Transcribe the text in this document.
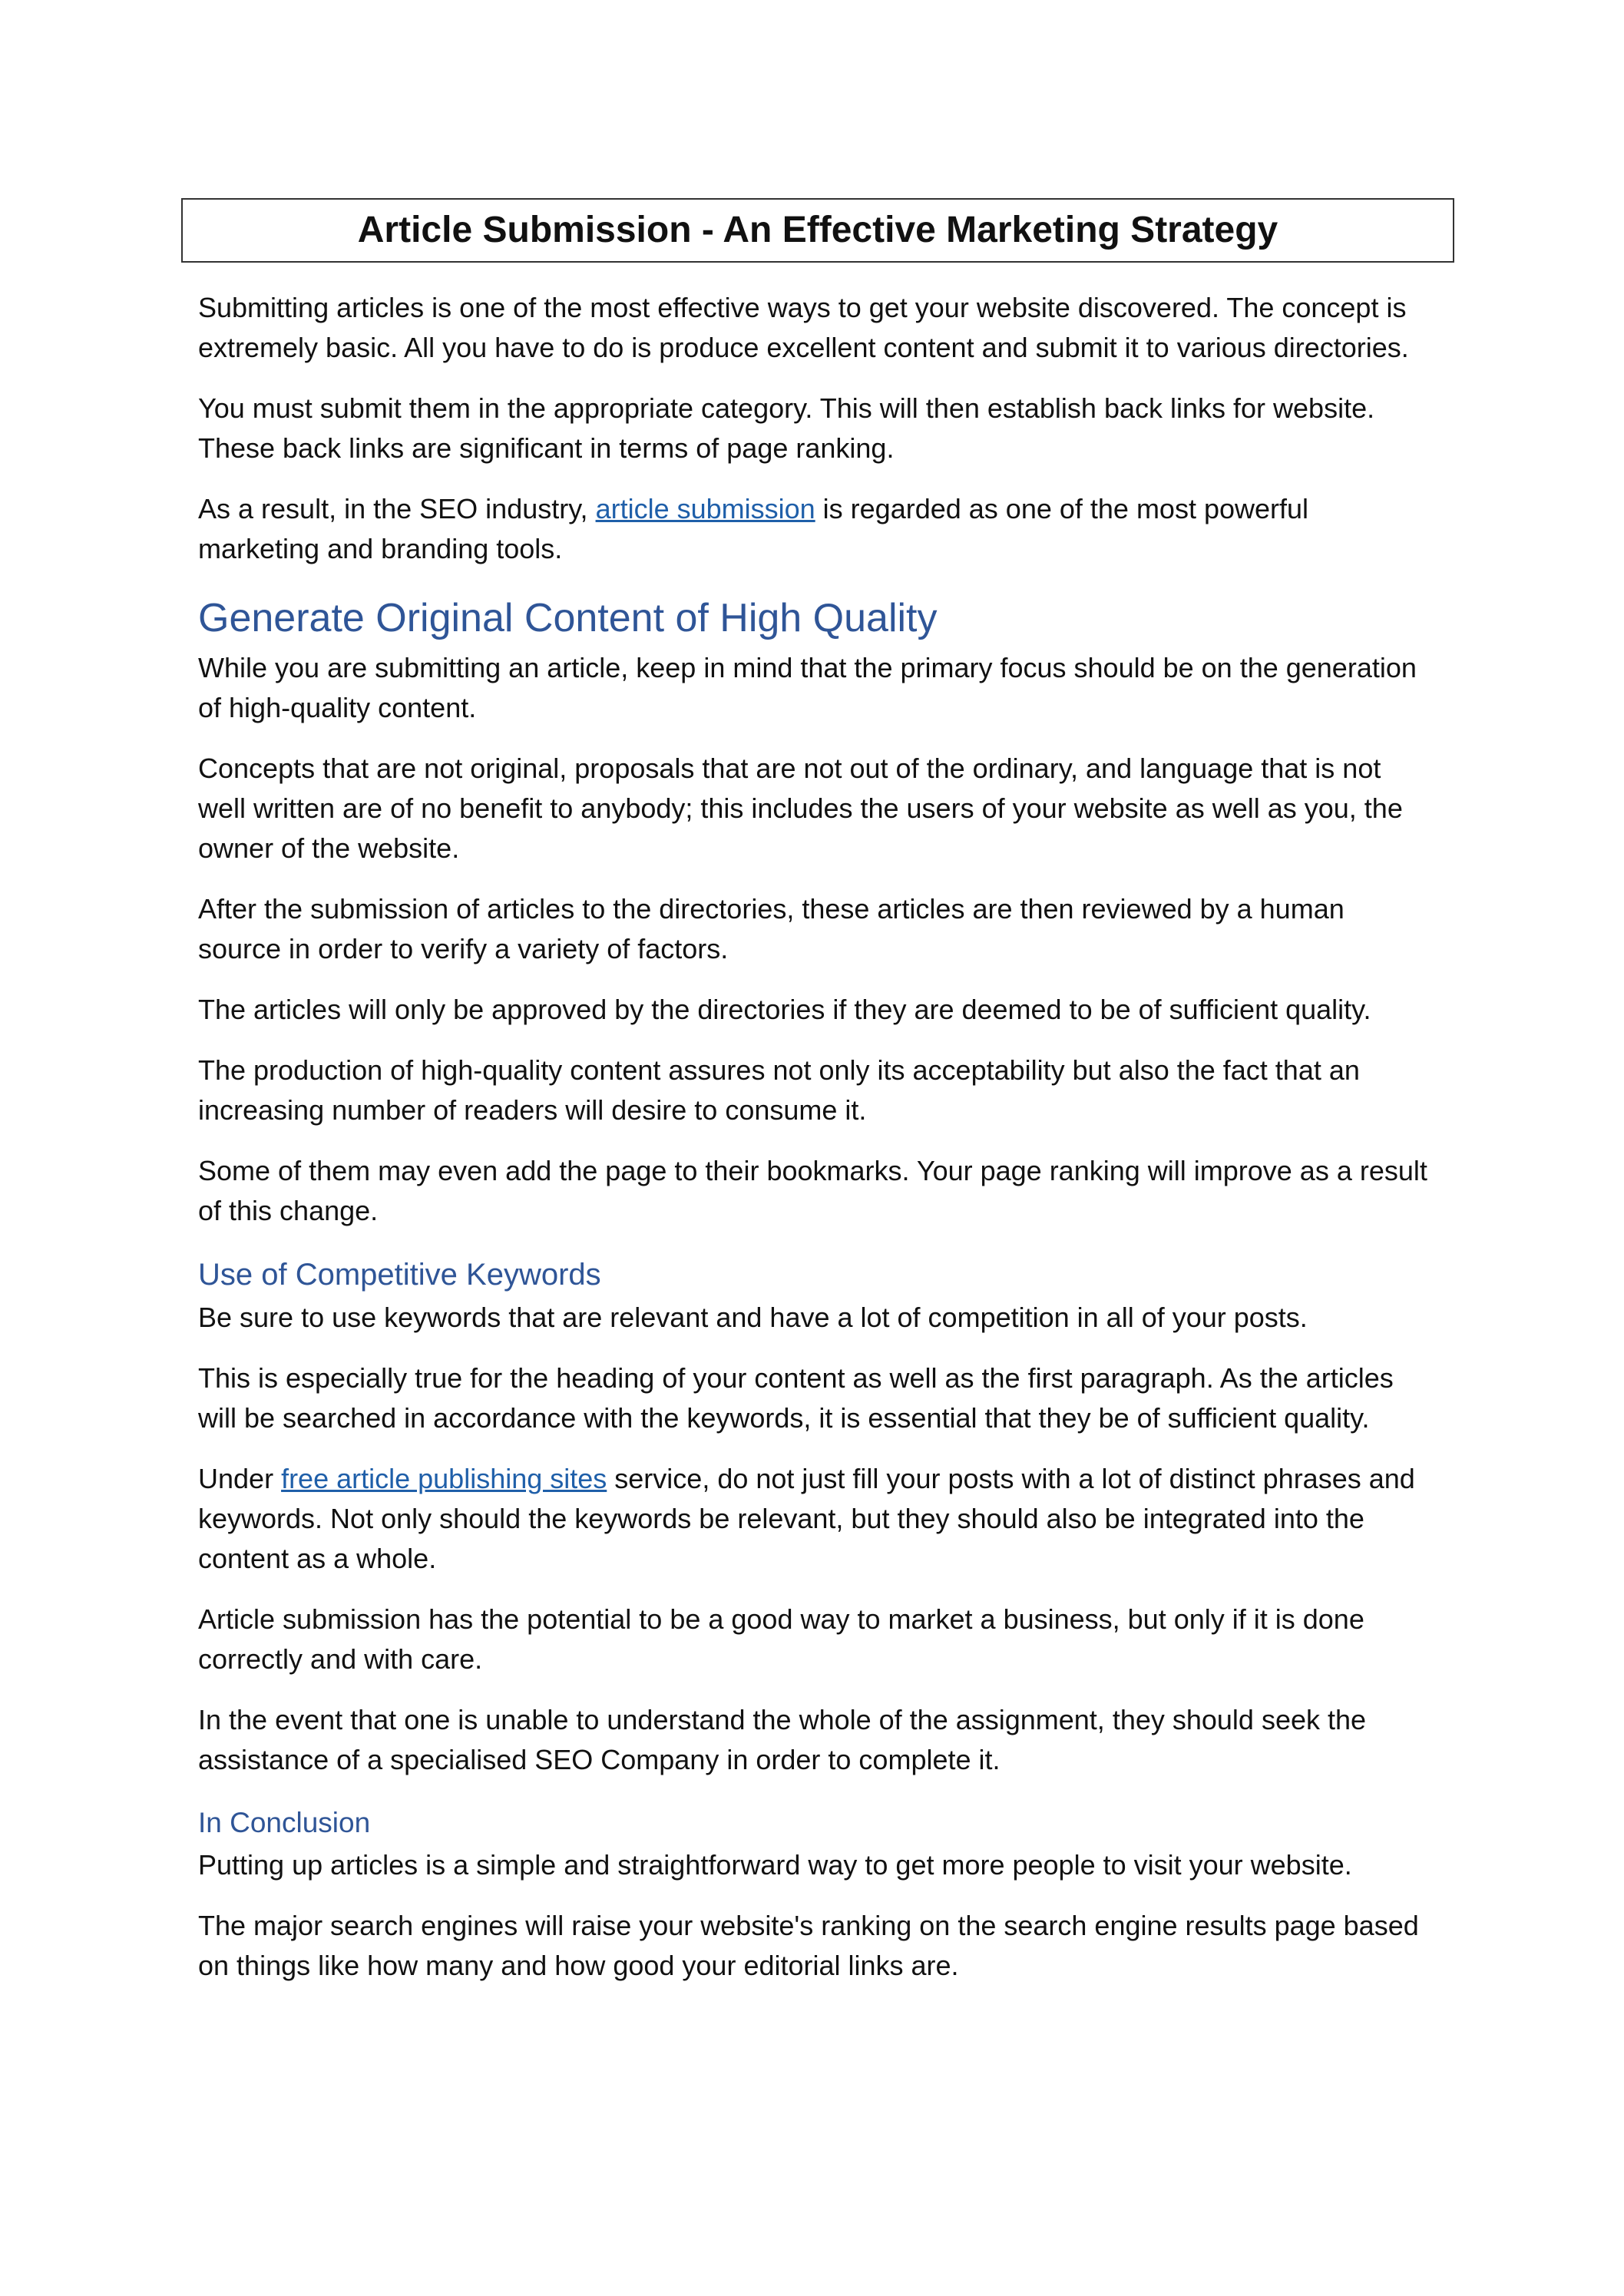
Article Submission - An Effective Marketing Strategy

Submitting articles is one of the most effective ways to get your website discovered. The concept is
extremely basic. All you have to do is produce excellent content and submit it to various directories.

You must submit them in the appropriate category. This will then establish back links for website.
These back links are significant in terms of page ranking.

As a result, in the SEO industry, article submission is regarded as one of the most powerful
marketing and branding tools.

Generate Original Content of High Quality

While you are submitting an article, keep in mind that the primary focus should be on the generation
of high-quality content.

Concepts that are not original, proposals that are not out of the ordinary, and language that is not
well written are of no benefit to anybody; this includes the users of your website as well as you, the
owner of the website.

After the submission of articles to the directories, these articles are then reviewed by a human
source in order to verify a variety of factors.

The articles will only be approved by the directories if they are deemed to be of sufficient quality.

The production of high-quality content assures not only its acceptability but also the fact that an
increasing number of readers will desire to consume it.

Some of them may even add the page to their bookmarks. Your page ranking will improve as a result
of this change.

Use of Competitive Keywords

Be sure to use keywords that are relevant and have a lot of competition in all of your posts.

This is especially true for the heading of your content as well as the first paragraph. As the articles
will be searched in accordance with the keywords, it is essential that they be of sufficient quality.

Under free article publishing sites service, do not just fill your posts with a lot of distinct phrases and
keywords. Not only should the keywords be relevant, but they should also be integrated into the
content as a whole.

Article submission has the potential to be a good way to market a business, but only if it is done
correctly and with care.

In the event that one is unable to understand the whole of the assignment, they should seek the
assistance of a specialised SEO Company in order to complete it.

In Conclusion

Putting up articles is a simple and straightforward way to get more people to visit your website.

The major search engines will raise your website's ranking on the search engine results page based
on things like how many and how good your editorial links are.
